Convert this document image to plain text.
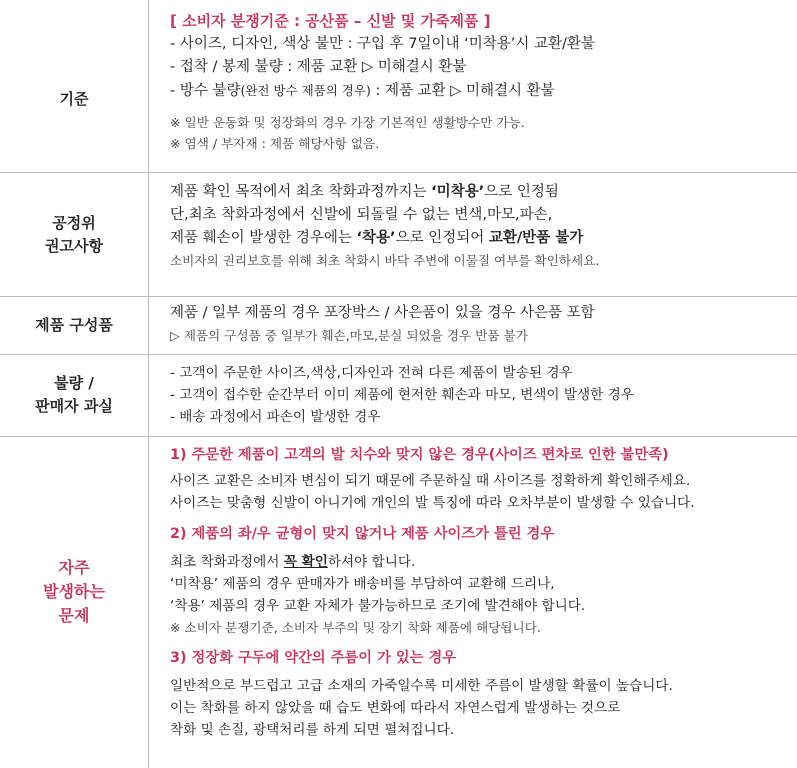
기준
[ 소비자 분쟁기준 : 공산품 – 신발 및 가죽제품 ]
- 사이즈, 디자인, 색상 불만 : 구입 후 7일이내 ‘미착용’시 교환/환불
- 접착 / 봉제 불량 : 제품 교환 ▷ 미해결시 환불
- 방수 불량(완전 방수 제품의 경우) : 제품 교환 ▷ 미해결시 환불
※ 일반 운동화 및 정장화의 경우 가장 기본적인 생활방수만 가능.
※ 염색 / 부자재 : 제품 해당사항 없음.
공정위
권고사항
제품 확인 목적에서 최초 착화과정까지는 ‘미착용’으로 인정됨
단,최초 착화과정에서 신발에 되돌릴 수 없는 변색,마모,파손,
제품 훼손이 발생한 경우에는 ‘착용’으로 인정되어 교환/반품 불가
소비자의 권리보호를 위해 최초 착화시 바닥 주변에 이물질 여부를 확인하세요.
제품 구성품
제품 / 일부 제품의 경우 포장박스 / 사은품이 있을 경우 사은품 포함
▷ 제품의 구성품 중 일부가 훼손,마모,분실 되었을 경우 반품 불가
불량 /
판매자 과실
- 고객이 주문한 사이즈,색상,디자인과 전혀 다른 제품이 발송된 경우
- 고객이 접수한 순간부터 이미 제품에 현저한 훼손과 마모, 변색이 발생한 경우
- 배송 과정에서 파손이 발생한 경우
자주
발생하는
문제
1) 주문한 제품이 고객의 발 치수와 맞지 않은 경우(사이즈 편차로 인한 불만족)
사이즈 교환은 소비자 변심이 되기 때문에 주문하실 때 사이즈를 정확하게 확인해주세요.
사이즈는 맞춤형 신발이 아니기에 개인의 발 특징에 따라 오차부분이 발생할 수 있습니다.
2) 제품의 좌/우 균형이 맞지 않거나 제품 사이즈가 틀린 경우
최초 착화과정에서 꼭 확인하셔야 합니다.
‘미착용’ 제품의 경우 판매자가 배송비를 부담하여 교환해 드리나,
‘착용’ 제품의 경우 교환 자체가 불가능하므로 조기에 발견해야 합니다.
※ 소비자 분쟁기준, 소비자 부주의 및 장기 착화 제품에 해당됩니다.
3) 정장화 구두에 약간의 주름이 가 있는 경우
일반적으로 부드럽고 고급 소재의 가죽일수록 미세한 주름이 발생할 확률이 높습니다.
이는 착화를 하지 않았을 때 습도 변화에 따라서 자연스럽게 발생하는 것으로
착화 및 손질, 광택처리를 하게 되면 펼쳐집니다.
